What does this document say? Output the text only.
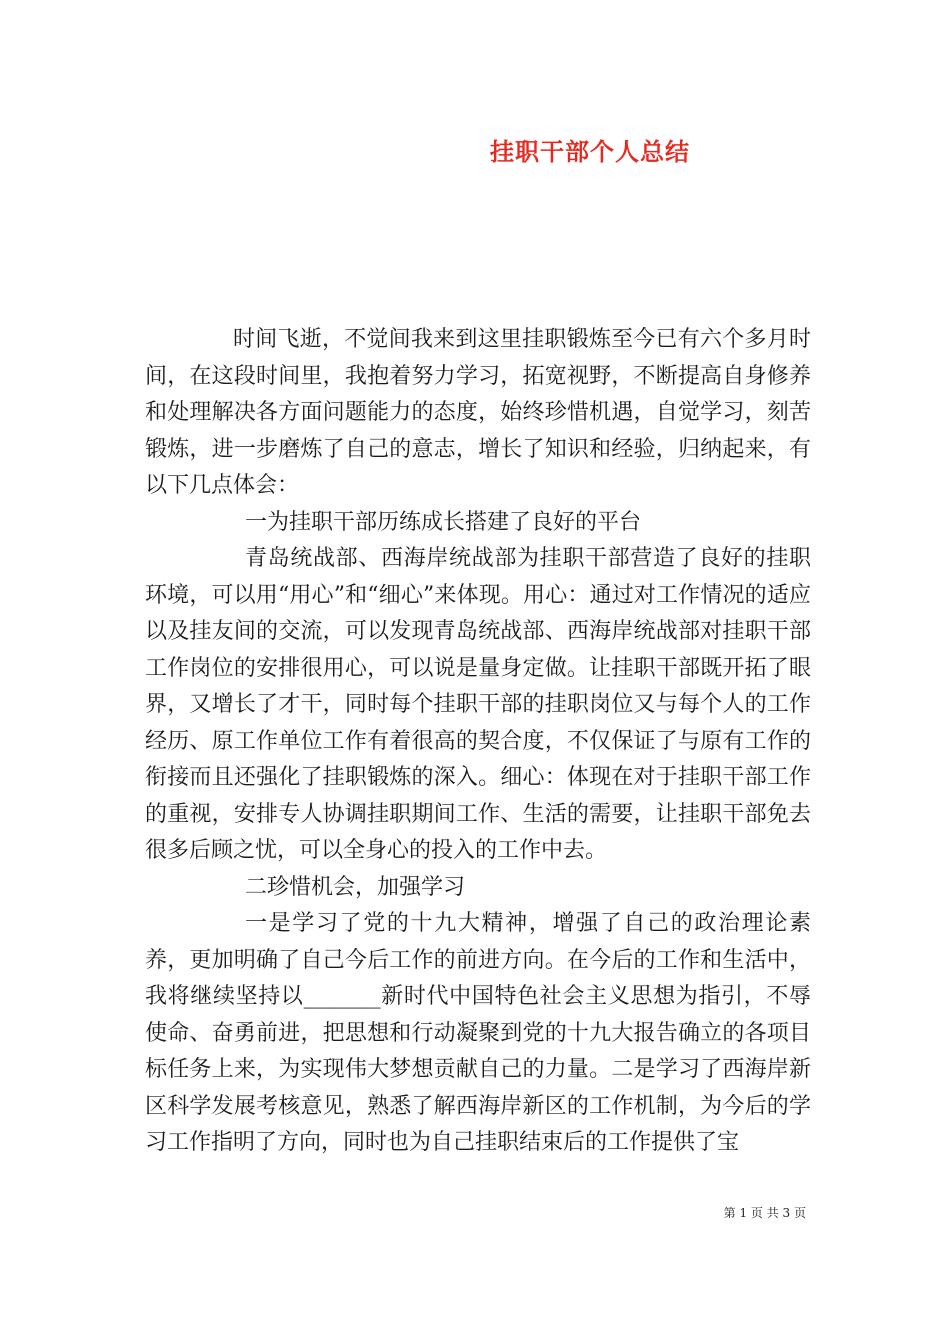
挂职干部个人总结

时间飞逝，不觉间我来到这里挂职锻炼至今已有六个多月时间，在这段时间里，我抱着努力学习，拓宽视野，不断提高自身修养和处理解决各方面问题能力的态度，始终珍惜机遇，自觉学习，刻苦锻炼，进一步磨炼了自己的意志，增长了知识和经验，归纳起来，有以下几点体会：

一为挂职干部历练成长搭建了良好的平台

青岛统战部、西海岸统战部为挂职干部营造了良好的挂职环境，可以用“用心”和“细心”来体现。用心：通过对工作情况的适应以及挂友间的交流，可以发现青岛统战部、西海岸统战部对挂职干部工作岗位的安排很用心，可以说是量身定做。让挂职干部既开拓了眼界，又增长了才干，同时每个挂职干部的挂职岗位又与每个人的工作经历、原工作单位工作有着很高的契合度，不仅保证了与原有工作的衔接而且还强化了挂职锻炼的深入。细心：体现在对于挂职干部工作的重视，安排专人协调挂职期间工作、生活的需要，让挂职干部免去很多后顾之忧，可以全身心的投入的工作中去。

二珍惜机会，加强学习

一是学习了党的十九大精神，增强了自己的政治理论素养，更加明确了自己今后工作的前进方向。在今后的工作和生活中，我将继续坚持以_______新时代中国特色社会主义思想为指引，不辱使命、奋勇前进，把思想和行动凝聚到党的十九大报告确立的各项目标任务上来，为实现伟大梦想贡献自己的力量。二是学习了西海岸新区科学发展考核意见，熟悉了解西海岸新区的工作机制，为今后的学习工作指明了方向，同时也为自己挂职结束后的工作提供了宝

第 1 页 共 3 页
